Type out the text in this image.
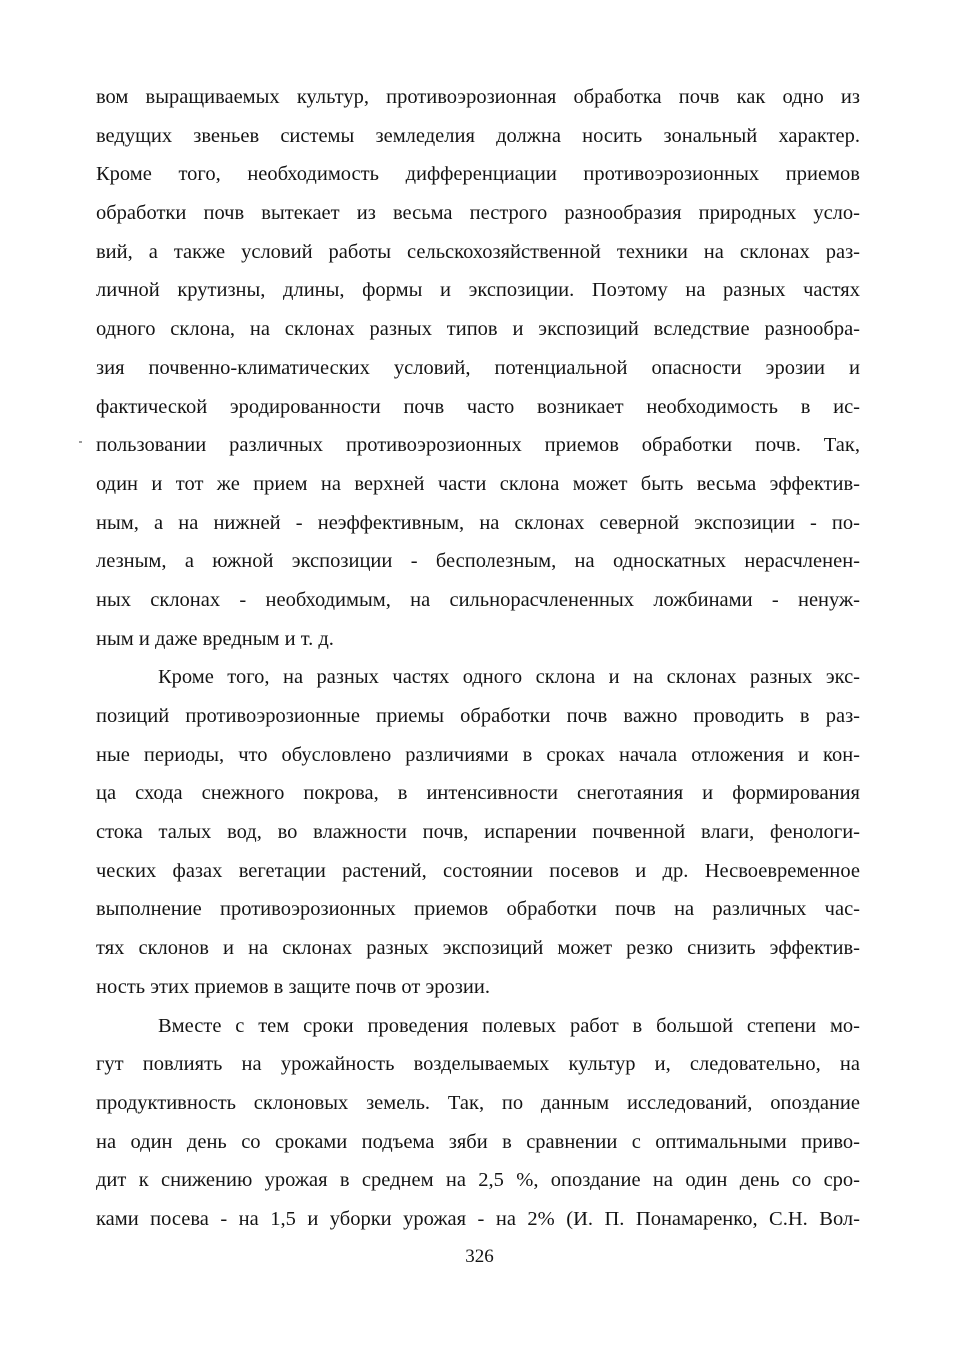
вом выращиваемых культур, противоэрозионная обработка почв как одно из
ведущих звеньев системы земледелия должна носить зональный характер.
Кроме того, необходимость дифференциации противоэрозионных приемов
обработки почв вытекает из весьма пестрого разнообразия природных усло-
вий, а также условий работы сельскохозяйственной техники на склонах раз-
личной крутизны, длины, формы и экспозиции. Поэтому на разных частях
одного склона, на склонах разных типов и экспозиций вследствие разнообра-
зия почвенно-климатических условий, потенциальной опасности эрозии и
фактической эродированности почв часто возникает необходимость в ис-
пользовании различных противоэрозионных приемов обработки почв. Так,
один и тот же прием на верхней части склона может быть весьма эффектив-
ным, а на нижней - неэффективным, на склонах северной экспозиции - по-
лезным, а южной экспозиции - бесполезным, на односкатных нерасчленен-
ных склонах - необходимым, на сильнорасчлененных ложбинами - ненуж-
ным и даже вредным и т. д.
Кроме того, на разных частях одного склона и на склонах разных экс-
позиций противоэрозионные приемы обработки почв важно проводить в раз-
ные периоды, что обусловлено различиями в сроках начала отложения и кон-
ца схода снежного покрова, в интенсивности снеготаяния и формирования
стока талых вод, во влажности почв, испарении почвенной влаги, фенологи-
ческих фазах вегетации растений, состоянии посевов и др. Несвоевременное
выполнение противоэрозионных приемов обработки почв на различных час-
тях склонов и на склонах разных экспозиций может резко снизить эффектив-
ность этих приемов в защите почв от эрозии.
Вместе с тем сроки проведения полевых работ в большой степени мо-
гут повлиять на урожайность возделываемых культур и, следовательно, на
продуктивность склоновых земель. Так, по данным исследований, опоздание
на один день со сроками подъема зяби в сравнении с оптимальными приво-
дит к снижению урожая в среднем на 2,5 %, опоздание на один день со сро-
ками посева - на 1,5 и уборки урожая - на 2% (И. П. Понамаренко, С.Н. Вол-
326
